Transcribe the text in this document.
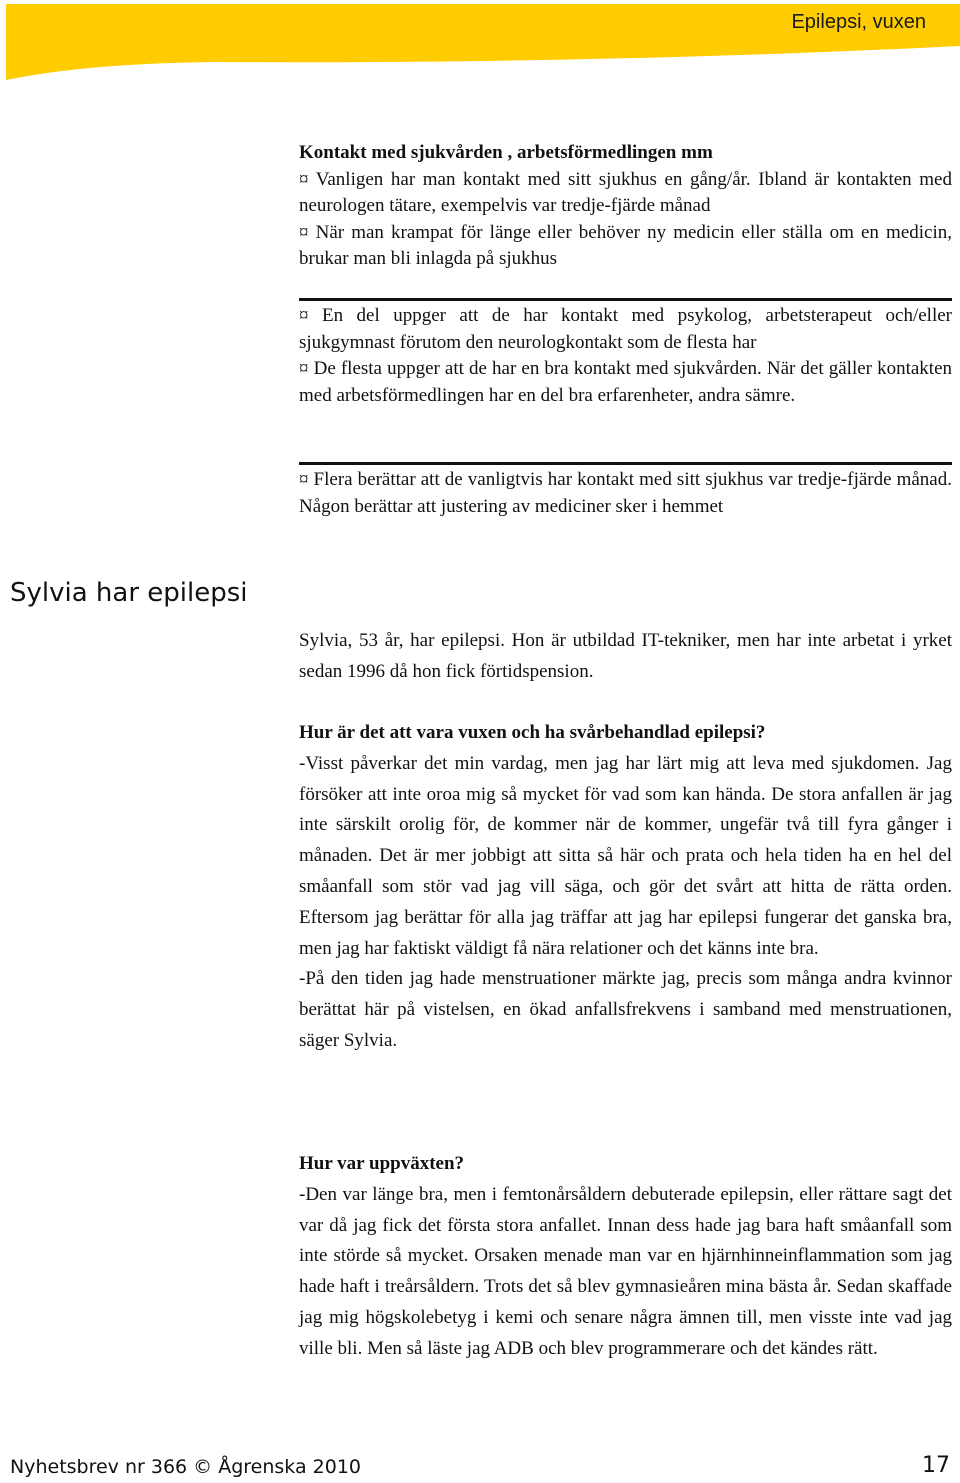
Epilepsi, vuxen

Kontakt med sjukvården , arbetsförmedlingen mm

¤ Vanligen har man kontakt med sitt sjukhus en gång/år. Ibland är kontakten med neurologen tätare, exempelvis var tredje-fjärde månad

¤ När man krampat för länge eller behöver ny medicin eller ställa om en medicin, brukar man bli inlagda på sjukhus

¤ En del uppger att de har kontakt med psykolog, arbetsterapeut och/eller sjukgymnast förutom den neurologkontakt som de flesta har

¤ De flesta uppger att de har en bra kontakt med sjukvården. När det gäller kontakten med arbetsförmedlingen har en del bra erfarenheter, andra sämre.

¤ Flera berättar att de vanligtvis har kontakt med sitt sjukhus var tredje-fjärde månad. Någon berättar att justering av mediciner sker i hemmet

Sylvia har epilepsi

Sylvia, 53 år, har epilepsi. Hon är utbildad IT-tekniker, men har inte arbetat i yrket sedan 1996 då hon fick förtidspension.

Hur är det att vara vuxen och ha svårbehandlad epilepsi?

-Visst påverkar det min vardag, men jag har lärt mig att leva med sjukdomen. Jag försöker att inte oroa mig så mycket för vad som kan hända. De stora anfallen är jag inte särskilt orolig för, de kommer när de kommer, ungefär två till fyra gånger i månaden. Det är mer jobbigt att sitta så här och prata och hela tiden ha en hel del småanfall som stör vad jag vill säga, och gör det svårt att hitta de rätta orden. Eftersom jag berättar för alla jag träffar att jag har epilepsi fungerar det ganska bra, men jag har faktiskt väldigt få nära relationer och det känns inte bra.

-På den tiden jag hade menstruationer märkte jag, precis som många andra kvinnor berättat här på vistelsen, en ökad anfallsfrekvens i samband med menstruationen, säger Sylvia.

Hur var uppväxten?

-Den var länge bra, men i femtonårsåldern debuterade epilepsin, eller rättare sagt det var då jag fick det första stora anfallet. Innan dess hade jag bara haft småanfall som inte störde så mycket. Orsaken menade man var en hjärnhinneinflammation som jag hade haft i treårsåldern. Trots det så blev gymnasieåren mina bästa år. Sedan skaffade jag mig högskolebetyg i kemi och senare några ämnen till, men visste inte vad jag ville bli. Men så läste jag ADB och blev programmerare och det kändes rätt.

Nyhetsbrev nr 366 © Ågrenska 2010	17
